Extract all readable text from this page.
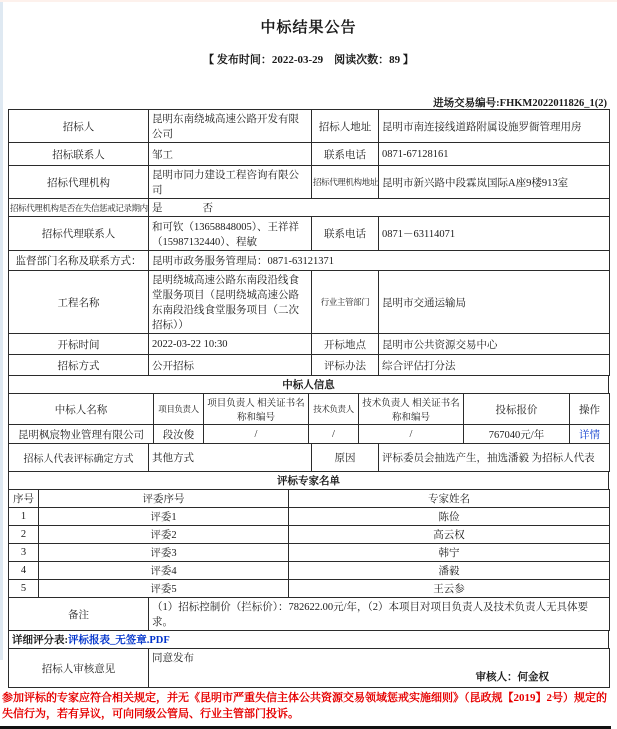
中标结果公告
【 发布时间：2022-03-29　阅读次数：89 】
进场交易编号:FHKM2022011826_1(2)
招标人	昆明东南绕城高速公路开发有限公司	招标人地址	昆明市南连接线道路附属设施罗衙管理用房
招标联系人	邹工	联系电话	0871-67128161
招标代理机构	昆明市同力建设工程咨询有限公司	招标代理机构地址	昆明市新兴路中段霖岚国际A座9楼913室
招标代理机构是否在失信惩戒记录期内	是 否		
招标代理联系人	和可钦（13658848005）、王祥祥（15987132440）、程敏	联系电话	0871－63114071
监督部门名称及联系方式：	昆明市政务服务管理局：0871-63121371		
工程名称	昆明绕城高速公路东南段沿线食堂服务项目（昆明绕城高速公路东南段沿线食堂服务项目（二次招标））	行业主管部门	昆明市交通运输局
开标时间	2022-03-22 10:30	开标地点	昆明市公共资源交易中心
招标方式	公开招标	评标办法	综合评估打分法
中标人信息
中标人名称	项目负责人	项目负责人 相关证书名称和编号	技术负责人	技术负责人 相关证书名称和编号	投标报价	操作
昆明枫宸物业管理有限公司	段汝俊	/	/	/	767040元/年	详情
招标人代表评标确定方式	其他方式	原因	评标委员会抽选产生，抽选潘毅 为招标人代表
评标专家名单
序号	评委序号	专家姓名
1	评委1	陈俭
2	评委2	高云权
3	评委3	韩宁
4	评委4	潘毅
5	评委5	王云参
备注	（1）招标控制价（拦标价）：782622.00元/年，（2）本项目对项目负责人及技术负责人无具体要求。
详细评分表:评标报表_无签章.PDF
招标人审核意见	同意发布
审核人：何金权
参加评标的专家应符合相关规定，并无《昆明市严重失信主体公共资源交易领域惩戒实施细则》（昆政规【2019】2号）规定的失信行为，若有异议，可向同级公管局、行业主管部门投诉。
